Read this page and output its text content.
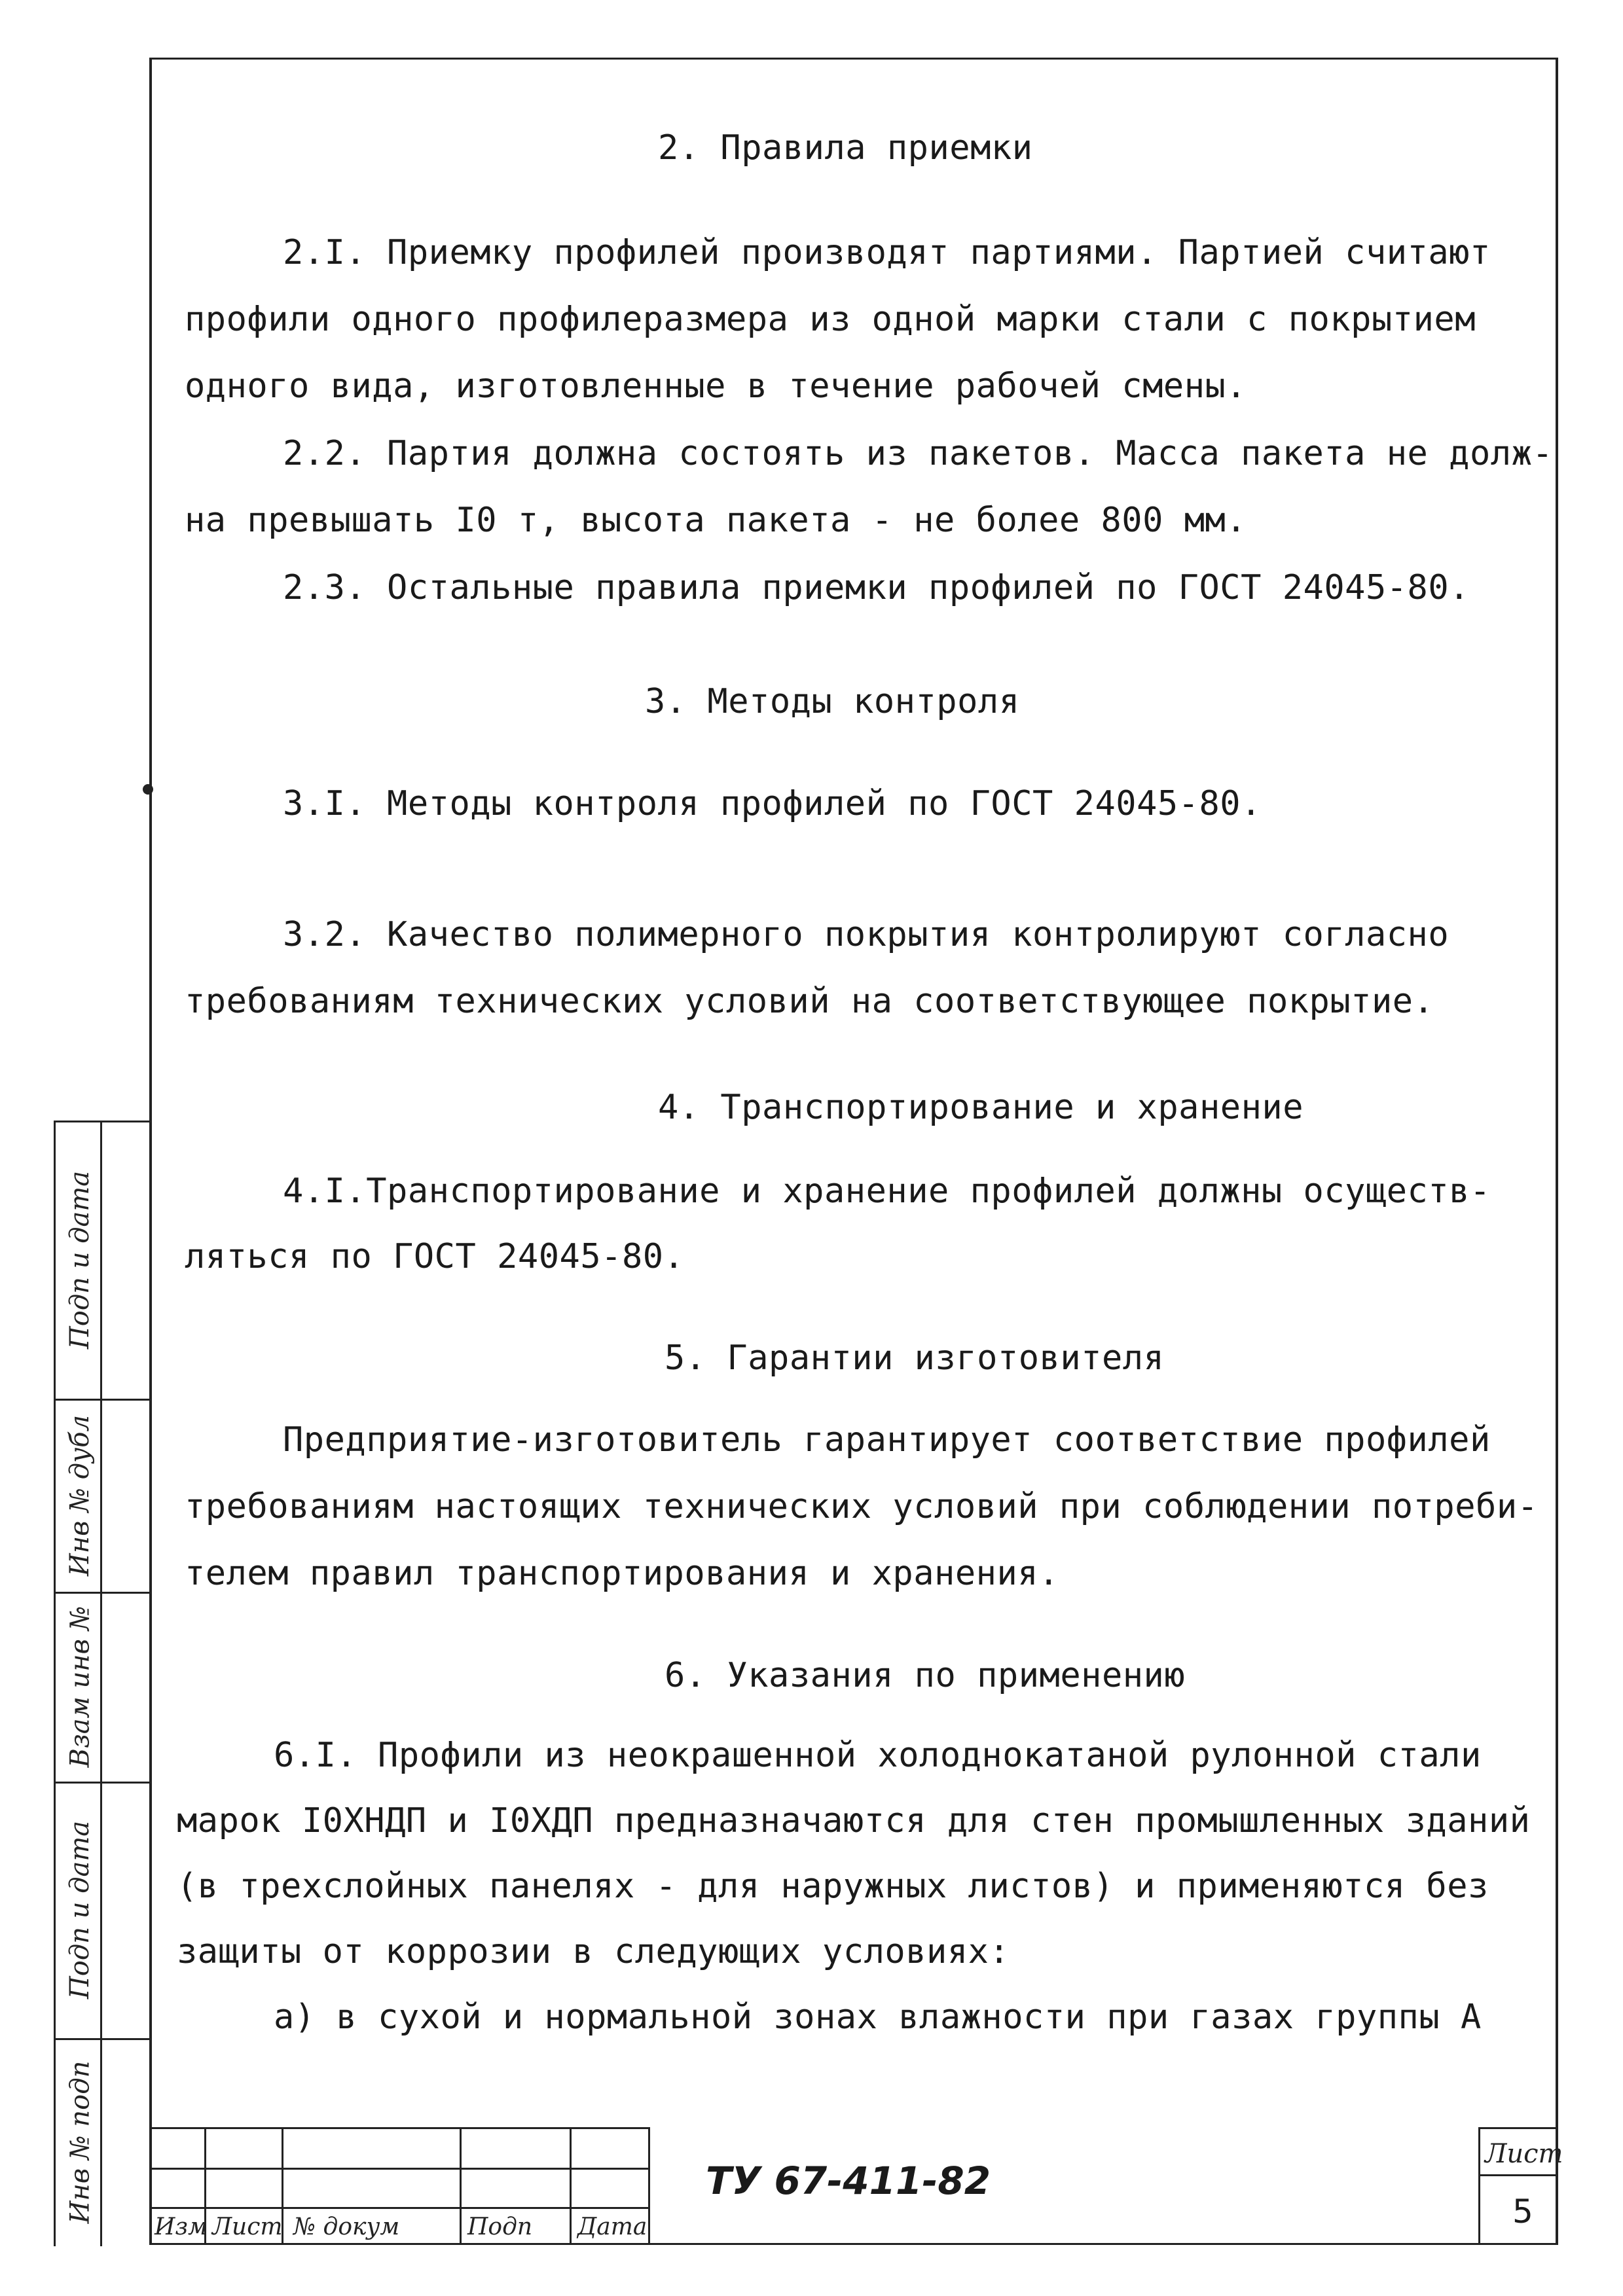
2. Правила приемки
2.I. Приемку профилей производят партиями. Партией считают
профили одного профилеразмера из одной марки стали с покрытием
одного вида, изготовленные в течение рабочей смены.
2.2. Партия должна состоять из пакетов. Масса пакета не долж-
на превышать I0 т, высота пакета - не более 800 мм.
2.3. Остальные правила приемки профилей по ГОСТ 24045-80.
3. Методы контроля
3.I. Методы контроля профилей по ГОСТ 24045-80.
3.2. Качество полимерного покрытия контролируют согласно
требованиям технических условий на соответствующее покрытие.
4. Транспортирование и хранение
4.I.Транспортирование и хранение профилей должны осуществ-
ляться по ГОСТ 24045-80.
5. Гарантии изготовителя
Предприятие-изготовитель гарантирует соответствие профилей
требованиям настоящих технических условий при соблюдении потреби-
телем правил транспортирования и хранения.
6. Указания по применению
6.I. Профили из неокрашенной холоднокатаной рулонной стали
марок I0ХНДП и I0ХДП предназначаются для стен промышленных зданий
(в трехслойных панелях - для наружных листов) и применяются без
защиты от коррозии в следующих условиях:
а) в сухой и нормальной зонах влажности при газах группы А
Подп и дата
Инв № дубл
Взам инв №
Подп и дата
Инв № подп
Изм Лист № докум	Подп Дата
ТУ 67-411-82
Лист
5
